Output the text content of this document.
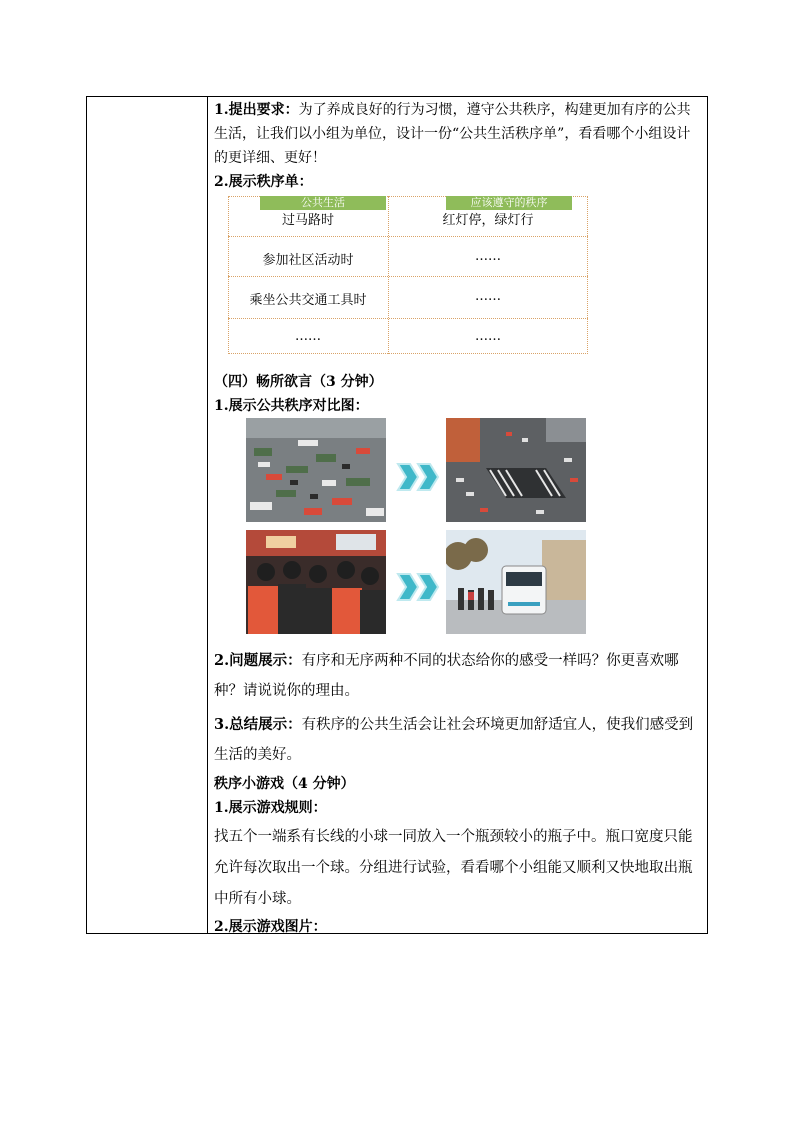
1.提出要求：为了养成良好的行为习惯，遵守公共秩序，构建更加有序的公共生活，让我们以小组为单位，设计一份“公共生活秩序单”，看看哪个小组设计的更详细、更好！

2.展示秩序单：

公共生活	应该遵守的秩序
过马路时	红灯停，绿灯行
参加社区活动时	……
乘坐公共交通工具时	……
……	……

（四）畅所欲言（3 分钟）

1.展示公共秩序对比图：

2.问题展示：有序和无序两种不同的状态给你的感受一样吗？你更喜欢哪种？请说说你的理由。

3.总结展示：有秩序的公共生活会让社会环境更加舒适宜人，使我们感受到生活的美好。

秩序小游戏（4 分钟）

1.展示游戏规则：

找五个一端系有长线的小球一同放入一个瓶颈较小的瓶子中。瓶口宽度只能允许每次取出一个球。分组进行试验，看看哪个小组能又顺利又快地取出瓶中所有小球。

2.展示游戏图片：
